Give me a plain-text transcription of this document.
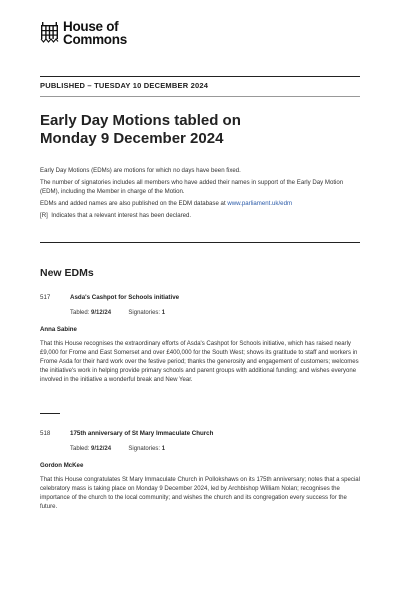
House of
Commons
PUBLISHED – TUESDAY 10 DECEMBER 2024
Early Day Motions tabled on
Monday 9 December 2024

Early Day Motions (EDMs) are motions for which no days have been fixed.

The number of signatories includes all members who have added their names in support of the Early Day Motion (EDM), including the Member in charge of the Motion.

EDMs and added names are also published on the EDM database at www.parliament.uk/edm

[R] Indicates that a relevant interest has been declared.

New EDMs
517	Asda's Cashpot for Schools initiative
Tabled: 9/12/24	Signatories: 1
Anna Sabine
That this House recognises the extraordinary efforts of Asda's Cashpot for Schools initiative, which has raised nearly £9,000 for Frome and East Somerset and over £400,000 for the South West; shows its gratitude to staff and workers in Frome Asda for their hard work over the festive period; thanks the generosity and engagement of customers; welcomes the initiative's work in helping provide primary schools and parent groups with additional funding; and wishes everyone involved in the initiative a wonderful break and New Year.
518	175th anniversary of St Mary Immaculate Church
Tabled: 9/12/24	Signatories: 1
Gordon McKee
That this House congratulates St Mary Immaculate Church in Pollokshaws on its 175th anniversary; notes that a special celebratory mass is taking place on Monday 9 December 2024, led by Archbishop William Nolan; recognises the importance of the church to the local community; and wishes the church and its congregation every success for the future.
